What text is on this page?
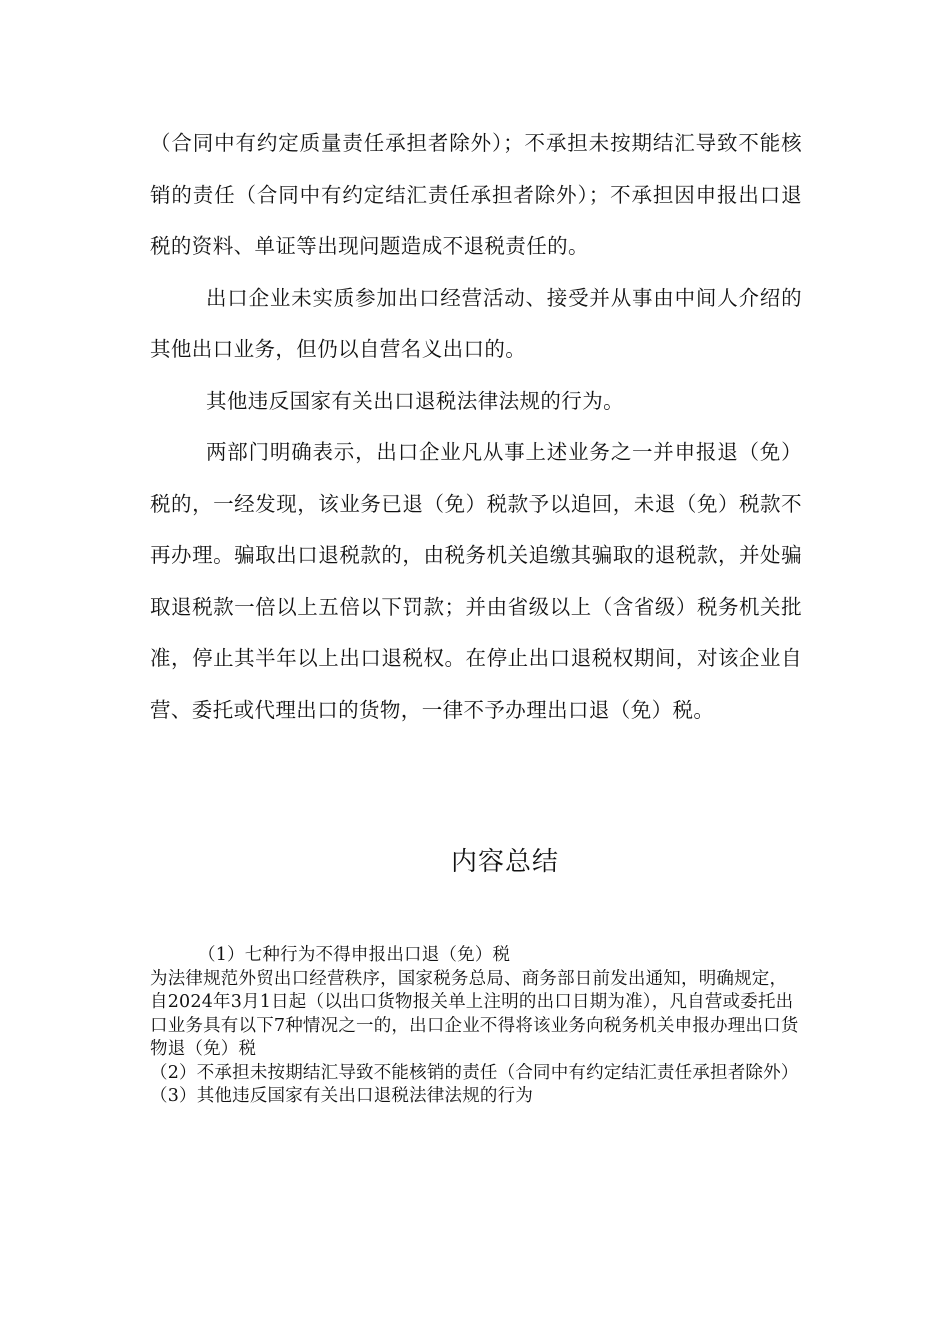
（合同中有约定质量责任承担者除外）；不承担未按期结汇导致不能核销的责任（合同中有约定结汇责任承担者除外）；不承担因申报出口退税的资料、单证等出现问题造成不退税责任的。

出口企业未实质参加出口经营活动、接受并从事由中间人介绍的其他出口业务，但仍以自营名义出口的。

其他违反国家有关出口退税法律法规的行为。

两部门明确表示，出口企业凡从事上述业务之一并申报退（免）税的，一经发现，该业务已退（免）税款予以追回，未退（免）税款不再办理。骗取出口退税款的，由税务机关追缴其骗取的退税款，并处骗取退税款一倍以上五倍以下罚款；并由省级以上（含省级）税务机关批准，停止其半年以上出口退税权。在停止出口退税权期间，对该企业自营、委托或代理出口的货物，一律不予办理出口退（免）税。

内容总结

（1）七种行为不得申报出口退（免）税

为法律规范外贸出口经营秩序，国家税务总局、商务部日前发出通知，明确规定，自2024年3月1日起（以出口货物报关单上注明的出口日期为准），凡自营或委托出口业务具有以下7种情况之一的，出口企业不得将该业务向税务机关申报办理出口货物退（免）税

（2）不承担未按期结汇导致不能核销的责任（合同中有约定结汇责任承担者除外）

（3）其他违反国家有关出口退税法律法规的行为
